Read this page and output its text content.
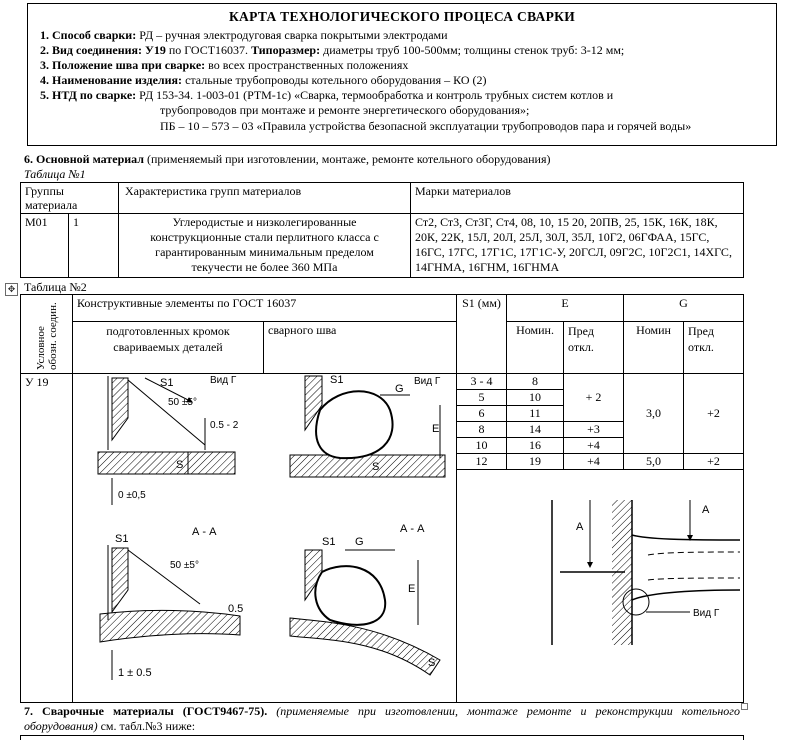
КАРТА ТЕХНОЛОГИЧЕСКОГО ПРОЦЕСА СВАРКИ
1. Способ сварки: РД – ручная электродуговая сварка покрытыми электродами
2. Вид соединения: У19 по ГОСТ16037. Типоразмер: диаметры труб 100-500мм; толщины стенок труб: 3-12 мм;
3. Положение шва при сварке: во всех пространственных положениях
4. Наименование изделия: стальные трубопроводы котельного оборудования – КО (2)
5. НТД по сварке: РД 153-34. 1-003-01 (РТМ-1с) «Сварка, термообработка и контроль трубных систем котлов и
трубопроводов при монтаже и ремонте энергетического оборудования»;
ПБ – 10 – 573 – 03 «Правила устройства безопасной эксплуатации трубопроводов пара и горячей воды»
6. Основной материал (применяемый при изготовлении, монтаже, ремонте котельного оборудования)
Таблица №1
Группы материала		Характеристика групп материалов	Марки материалов
М01	1	Углеродистые и низколегированные конструкционные стали перлитного класса с гарантированным минимальным пределом текучести не более 360 МПа	Ст2, Ст3, Ст3Г, Ст4, 08, 10, 15 20, 20ПВ, 25, 15К, 16К, 18К, 20К, 22К, 15Л, 20Л, 25Л, 30Л, 35Л, 10Г2, 06ГФАА, 15ГС, 16ГС, 17ГС, 17Г1С, 17Г1С-У, 20ГСЛ, 09Г2С, 10Г2С1, 14ХГС, 14ГНМА, 16ГНМ, 16ГНМА
✥ Таблица №2
Условное обозн. соедин.	Конструктивные элементы по ГОСТ 16037		S1 (мм)	Е		G	
	подготовленных кромок свариваемых деталей	сварного шва		Номин.	Пред откл.	Номин	Пред откл.
У 19			3 - 4	8	+ 2	3,0	+2
			5	10			
			6	11			
			8	14	+3		
			10	16	+4		
			12	19	+4	5,0	+2

S1	Вид Г
50 ±5°
0.5 - 2
S
0 ±0,5
S1	Вид Г
G
E
S
S1
А - А
50 ±5°
0.5
1 ± 0.5
S1
А - А
G
E
S
А
А
Вид Г
7. Сварочные материалы (ГОСТ9467-75). (применяемые при изготовлении, монтаже ремонте и реконструкции котельного оборудования) см. табл.№3 ниже:
